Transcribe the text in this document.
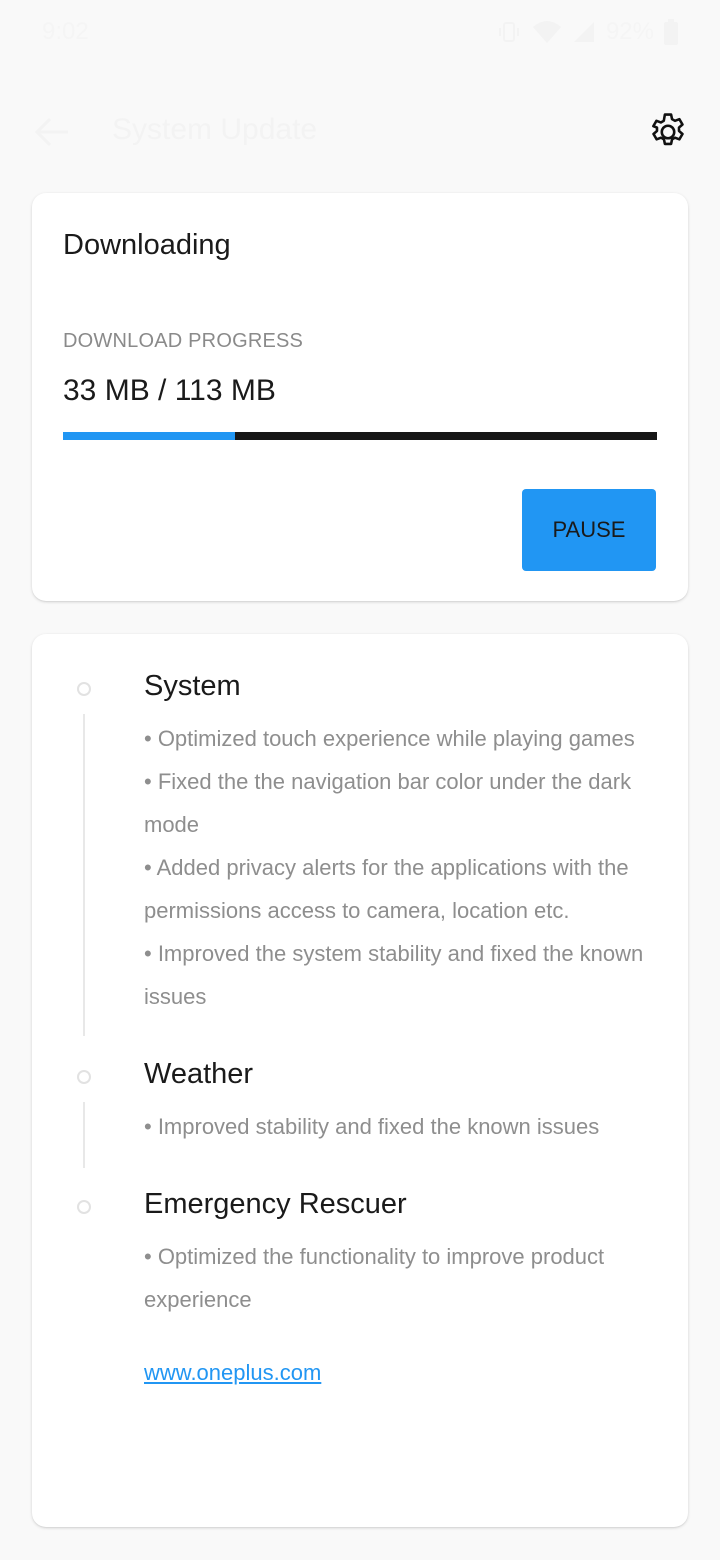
9:02	92%
System Update
Downloading
DOWNLOAD PROGRESS
33 MB / 113 MB
PAUSE
System
• Optimized touch experience while playing games
• Fixed the the navigation bar color under the dark mode
• Added privacy alerts for the applications with the permissions access to camera, location etc.
• Improved the system stability and fixed the known issues
Weather
• Improved stability and fixed the known issues
Emergency Rescuer
• Optimized the functionality to improve product experience
www.oneplus.com
